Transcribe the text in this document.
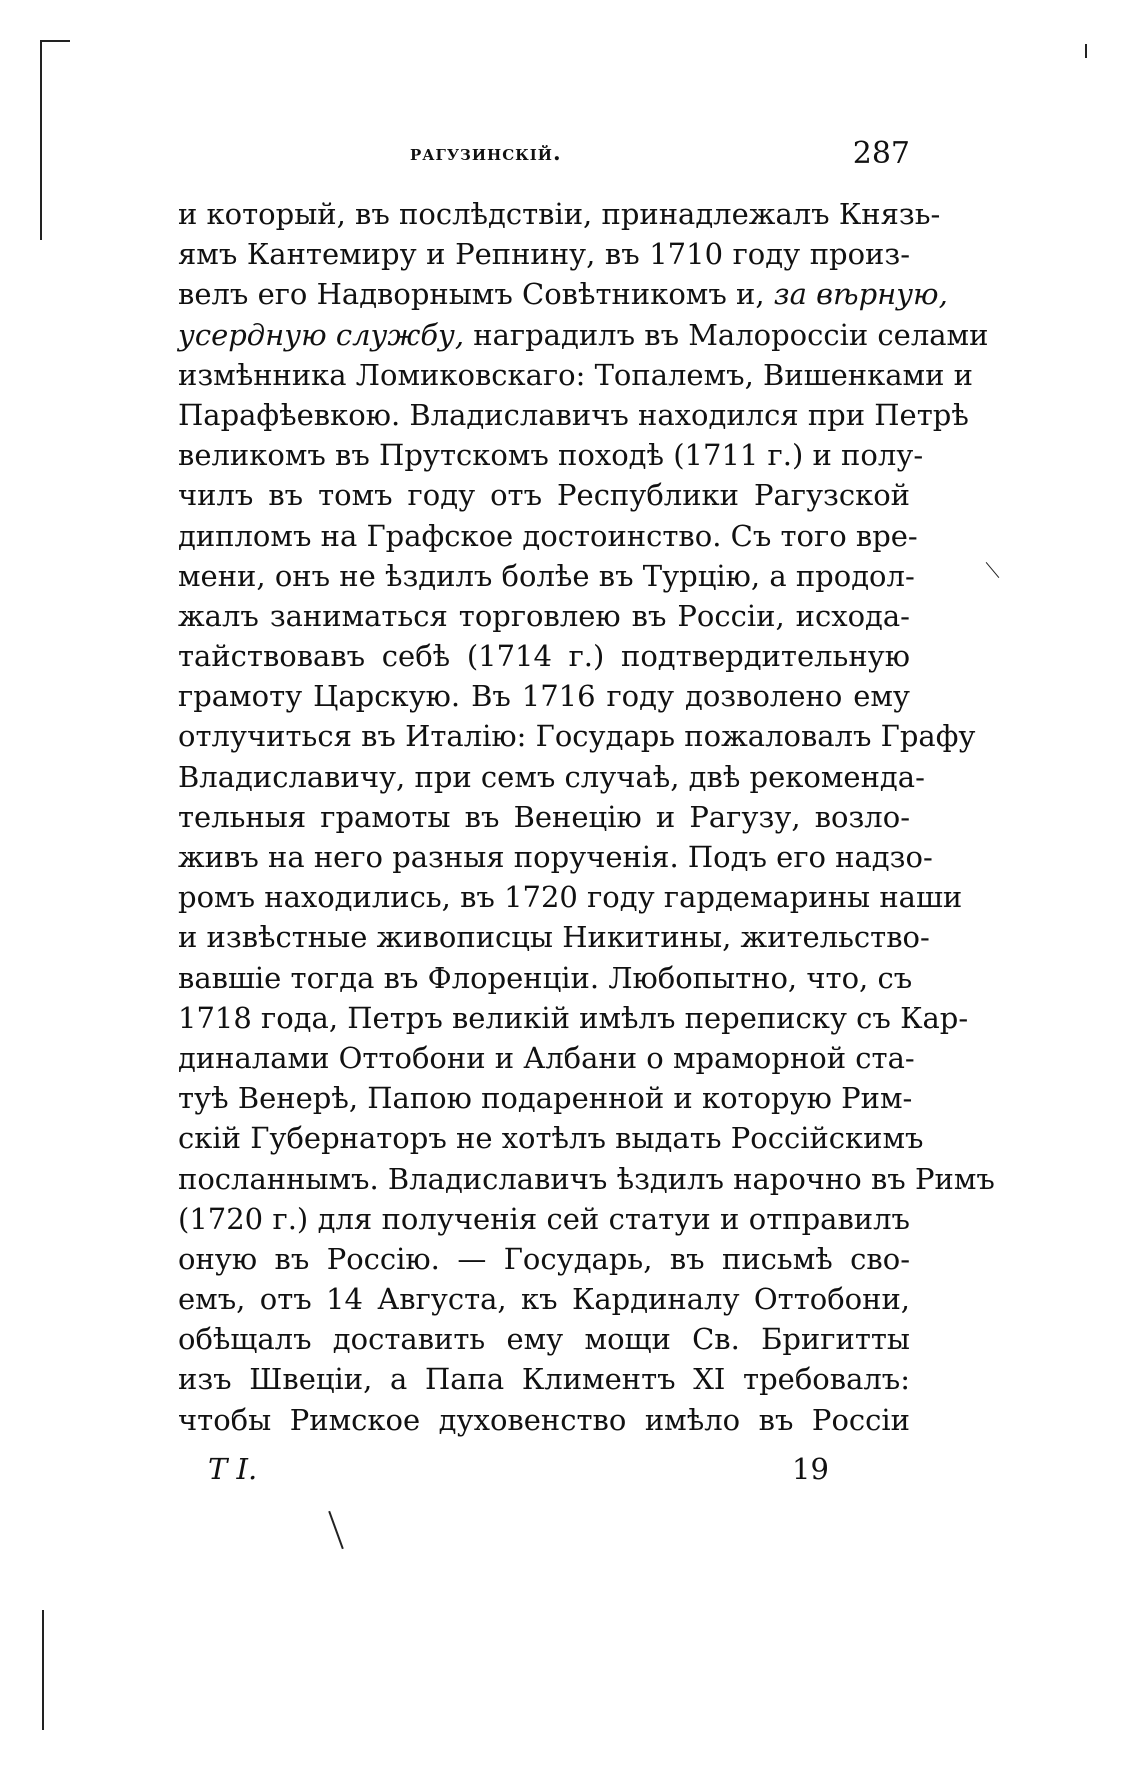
рагузинскій.	287
и который, въ послѣдствіи, принадлежалъ Князь-
ямъ Кантемиру и Репнину, въ 1710 году произ-
велъ его Надворнымъ Совѣтникомъ и, за вѣрную,
усердную службу, наградилъ въ Малороссіи селами
измѣнника Ломиковскаго: Топалемъ, Вишенками и
Парафѣевкою. Владиславичъ находился при Петрѣ
великомъ въ Прутскомъ походѣ (1711 г.) и полу-
чилъ въ томъ году отъ Республики Рагузской
дипломъ на Графское достоинство. Съ того вре-
мени, онъ не ѣздилъ болѣе въ Турцію, а продол-
жалъ заниматься торговлею въ Россіи, исходa-
тайствовавъ себѣ (1714 г.) подтвердительную
грамоту Царскую. Въ 1716 году дозволено ему
отлучиться въ Италію: Государь пожаловалъ Графу
Владиславичу, при семъ случаѣ, двѣ рекоменда-
тельныя грамоты въ Венецію и Рагузу, возло-
живъ на него разныя порученія. Подъ его надзо-
ромъ находились, въ 1720 году гардемарины наши
и извѣстные живописцы Никитины, жительство-
вавшіе тогда въ Флоренціи. Любопытно, что, съ
1718 года, Петръ великій имѣлъ переписку съ Кар-
диналами Оттобони и Албани о мраморной ста-
туѣ Венерѣ, Папою подаренной и которую Рим-
скій Губернаторъ не хотѣлъ выдать Россійскимъ
посланнымъ. Владиславичъ ѣздилъ нарочно въ Римъ
(1720 г.) для полученія сей статуи и отправилъ
оную въ Россію. — Государь, въ письмѣ сво-
емъ, отъ 14 Августа, къ Кардиналу Оттобони,
обѣщалъ доставить ему мощи Св. Бригитты
изъ Швеціи, а Папа Климентъ XI требовалъ:
чтобы Римское духовенство имѣло въ Россіи
Т І.	19
